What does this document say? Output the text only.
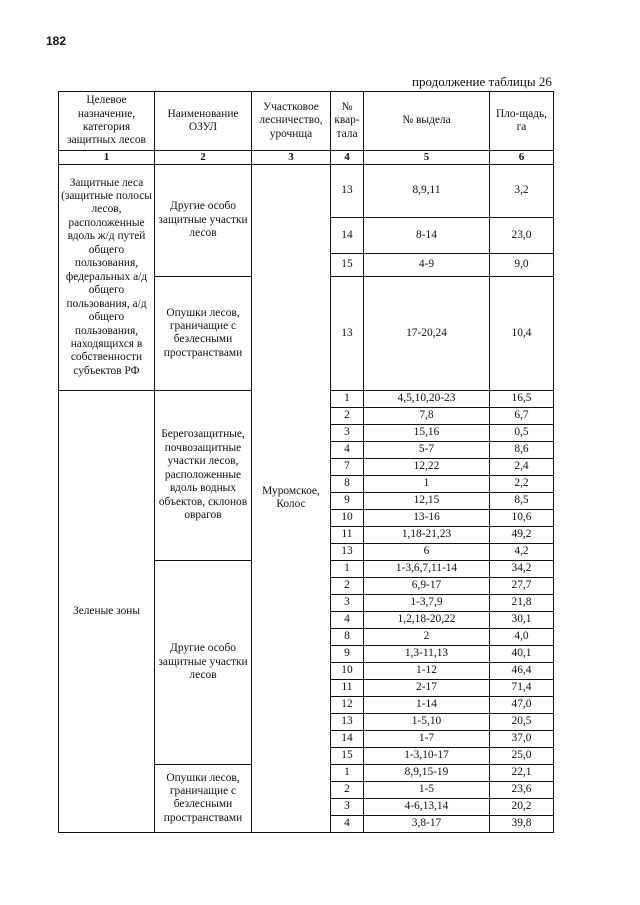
182
продолжение таблицы 26
Целевое назначение, категория защитных лесов	Наименование ОЗУЛ	Участковое лесничество, урочища	№ квар-тала	№ выдела	Пло-щадь, га
1	2	3	4	5	6
Защитные леса (защитные полосы лесов, расположенные вдоль ж/д путей общего пользования, федеральных а/д общего пользования, а/д общего пользования, находящихся в собственности субъектов РФ	Другие особо защитные участки лесов	Муромское, Колос	13	8,9,11	3,2
			14	8-14	23,0
			15	4-9	9,0
	Опушки лесов, граничащие с безлесными пространствами		13	17-20,24	10,4
Зеленые зоны	Берегозащитные, почвозащитные участки лесов, расположенные вдоль водных объектов, склонов оврагов		1	4,5,10,20-23	16,5
			2	7,8	6,7
			3	15,16	0,5
			4	5-7	8,6
			7	12,22	2,4
			8	1	2,2
			9	12,15	8,5
			10	13-16	10,6
			11	1,18-21,23	49,2
			13	6	4,2
	Другие особо защитные участки лесов		1	1-3,6,7,11-14	34,2
			2	6,9-17	27,7
			3	1-3,7,9	21,8
			4	1,2,18-20,22	30,1
			8	2	4,0
			9	1,3-11,13	40,1
			10	1-12	46,4
			11	2-17	71,4
			12	1-14	47,0
			13	1-5,10	20,5
			14	1-7	37,0
			15	1-3,10-17	25,0
	Опушки лесов, граничащие с безлесными пространствами		1	8,9,15-19	22,1
			2	1-5	23,6
			3	4-6,13,14	20,2
			4	3,8-17	39,8
